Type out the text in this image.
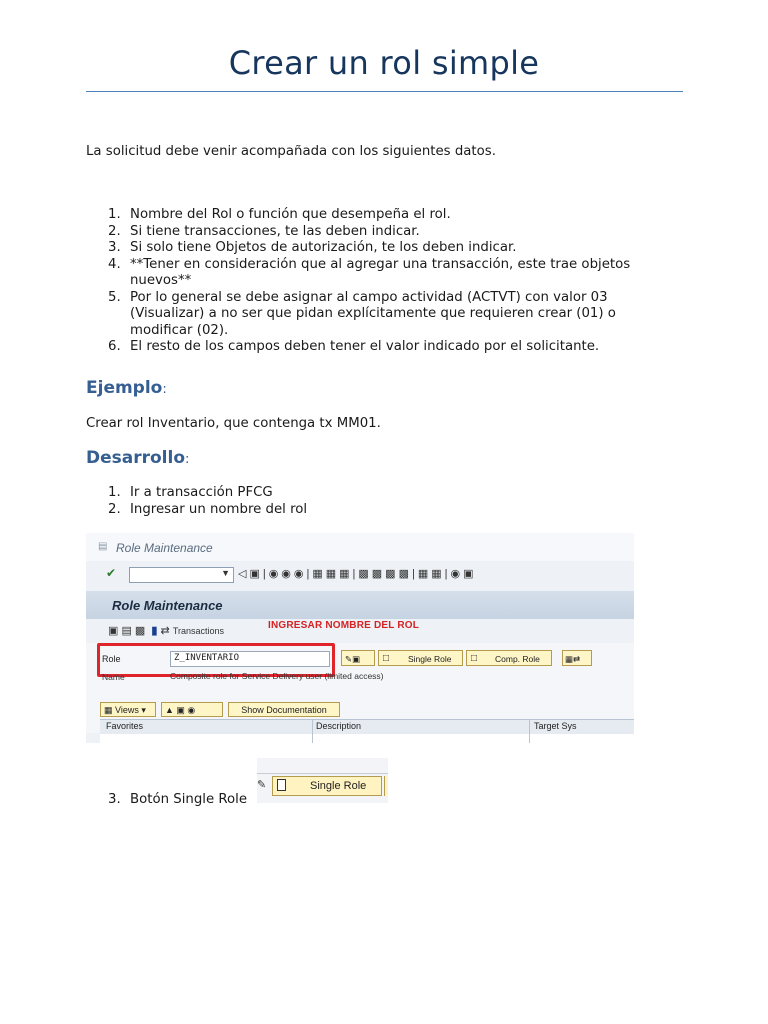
Crear un rol simple
La solicitud debe venir acompañada con los siguientes datos.
1. Nombre del Rol o función que desempeña el rol.
2. Si tiene transacciones, te las deben indicar.
3. Si solo tiene Objetos de autorización, te los deben indicar.
4. **Tener en consideración que al agregar una transacción, este trae objetos nuevos**
5. Por lo general se debe asignar al campo actividad (ACTVT) con valor 03 (Visualizar) a no ser que pidan explícitamente que requieren crear (01) o modificar (02).
6. El resto de los campos deben tener el valor indicado por el solicitante.
Ejemplo:
Crear rol Inventario, que contenga tx MM01.
Desarrollo:
1. Ir a transacción PFCG
2. Ingresar un nombre del rol
▤ Role Maintenance
✔	▼ ◁▣|◉◉◉|▦▦▦|▩▩▩▩|▦▦|◉▣
Role Maintenance
▣ ▤ ▩  ▮ ⇄ Transactions	INGRESAR NOMBRE DEL ROL
Role	Z_INVENTARIO	✎▣	□ Single Role □ Comp. Role	▦⇄
Name	Composite role for Service Delivery user (limited access)
▦ Views ▾	▲ ▣ ◉	Show Documentation
Favorites	Description	Target Sys
3. Botón Single Role
✎	Single Role
